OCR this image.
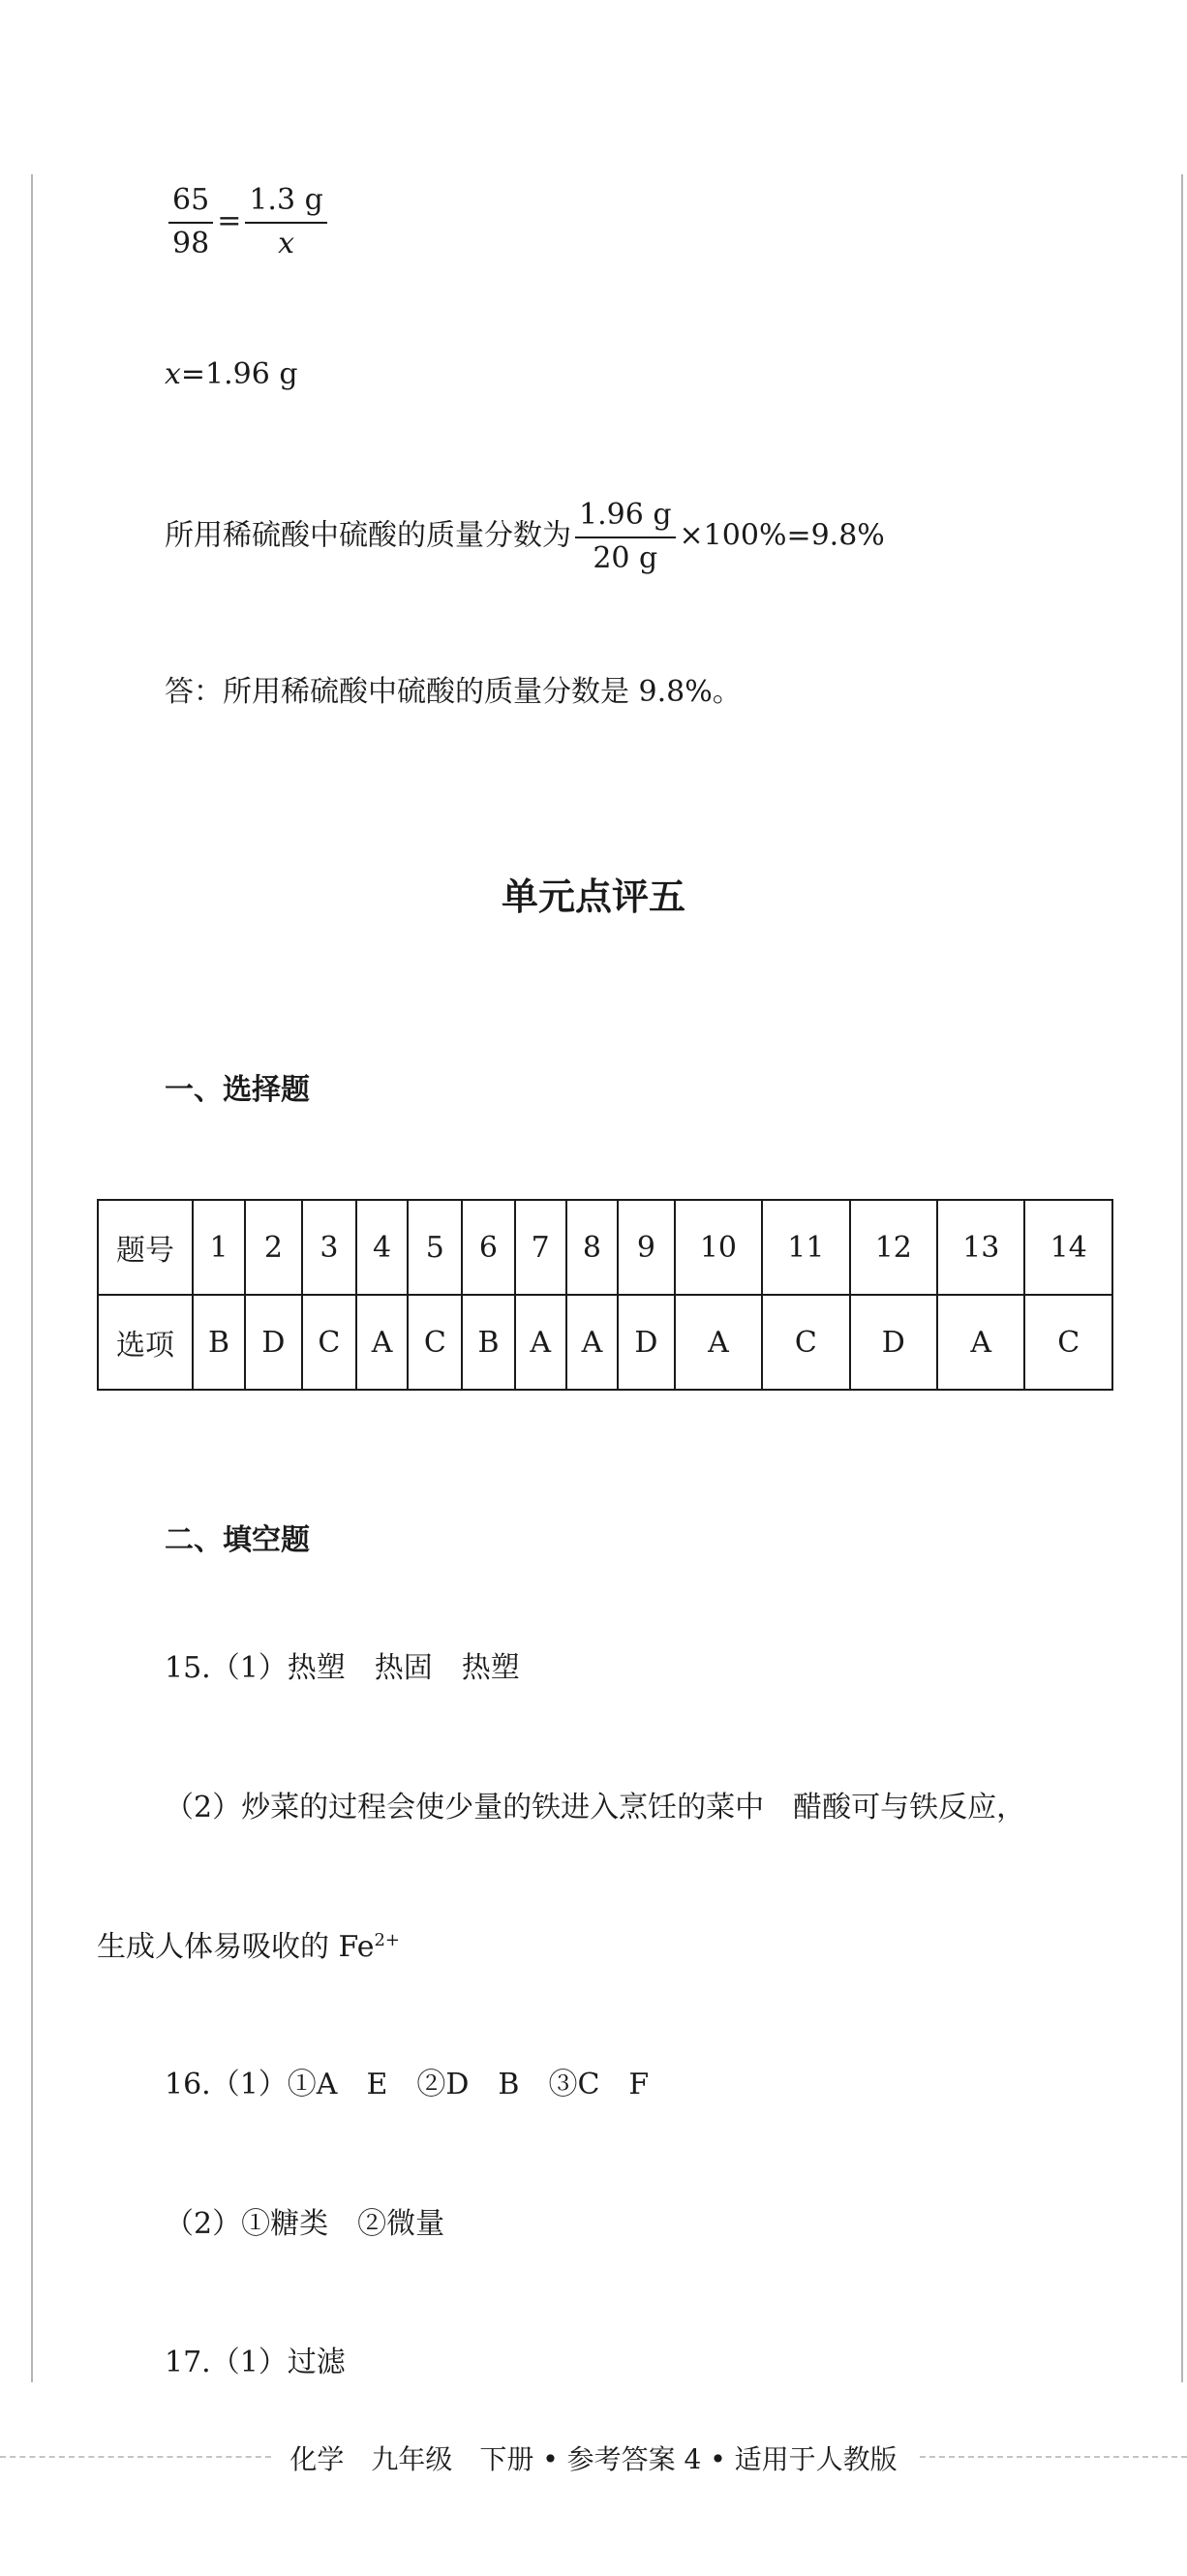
$\frac{65}{98} = \frac{1.3 g}{x}$
x=1.96 g
所用稀硫酸中硫酸的质量分数为 $\frac{1.96 g}{20 g} \times 100\%=9.8\%$
答：所用稀硫酸中硫酸的质量分数是 9.8%。
单元点评五
一、选择题
题号	1	2	3	4	5	6	7	8	9	10	11	12	13	14
选项	B	D	C	A	C	B	A	A	D	A	C	D	A	C
二、填空题
15.（1）热塑　热固　热塑
（2）炒菜的过程会使少量的铁进入烹饪的菜中　醋酸可与铁反应，
生成人体易吸收的 $Fe^{2+}$
16.（1）①A　E　②D　B　③C　F
（2）①糖类　②微量
17.（1）过滤
化学　九年级　下册 • 参考答案 4 • 适用于人教版
